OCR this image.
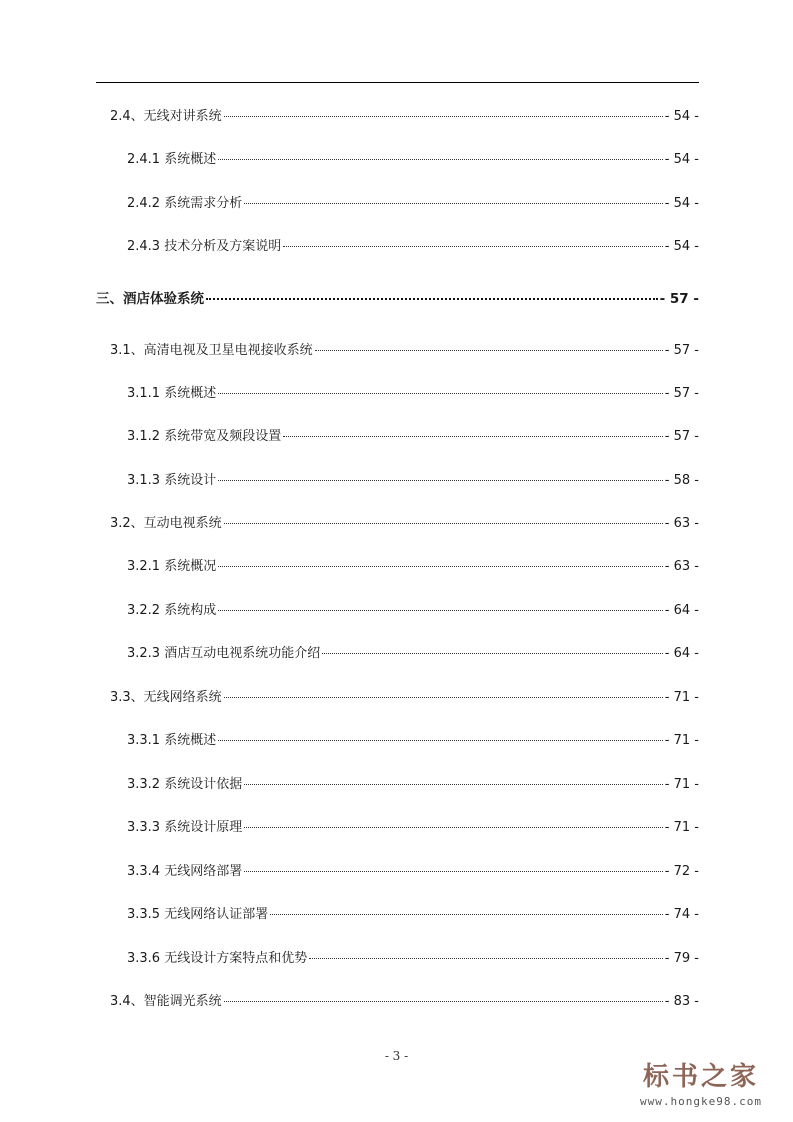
2.4、无线对讲系统	- 54 -
2.4.1 系统概述	- 54 -
2.4.2 系统需求分析	- 54 -
2.4.3 技术分析及方案说明	- 54 -
三、酒店体验系统	- 57 -
3.1、高清电视及卫星电视接收系统	- 57 -
3.1.1 系统概述	- 57 -
3.1.2 系统带宽及频段设置	- 57 -
3.1.3 系统设计	- 58 -
3.2、互动电视系统	- 63 -
3.2.1 系统概况	- 63 -
3.2.2 系统构成	- 64 -
3.2.3 酒店互动电视系统功能介绍	- 64 -
3.3、无线网络系统	- 71 -
3.3.1 系统概述	- 71 -
3.3.2 系统设计依据	- 71 -
3.3.3 系统设计原理	- 71 -
3.3.4 无线网络部署	- 72 -
3.3.5 无线网络认证部署	- 74 -
3.3.6 无线设计方案特点和优势	- 79 -
3.4、智能调光系统	- 83 -
- 3 -
标书之家
www.hongke98.com
